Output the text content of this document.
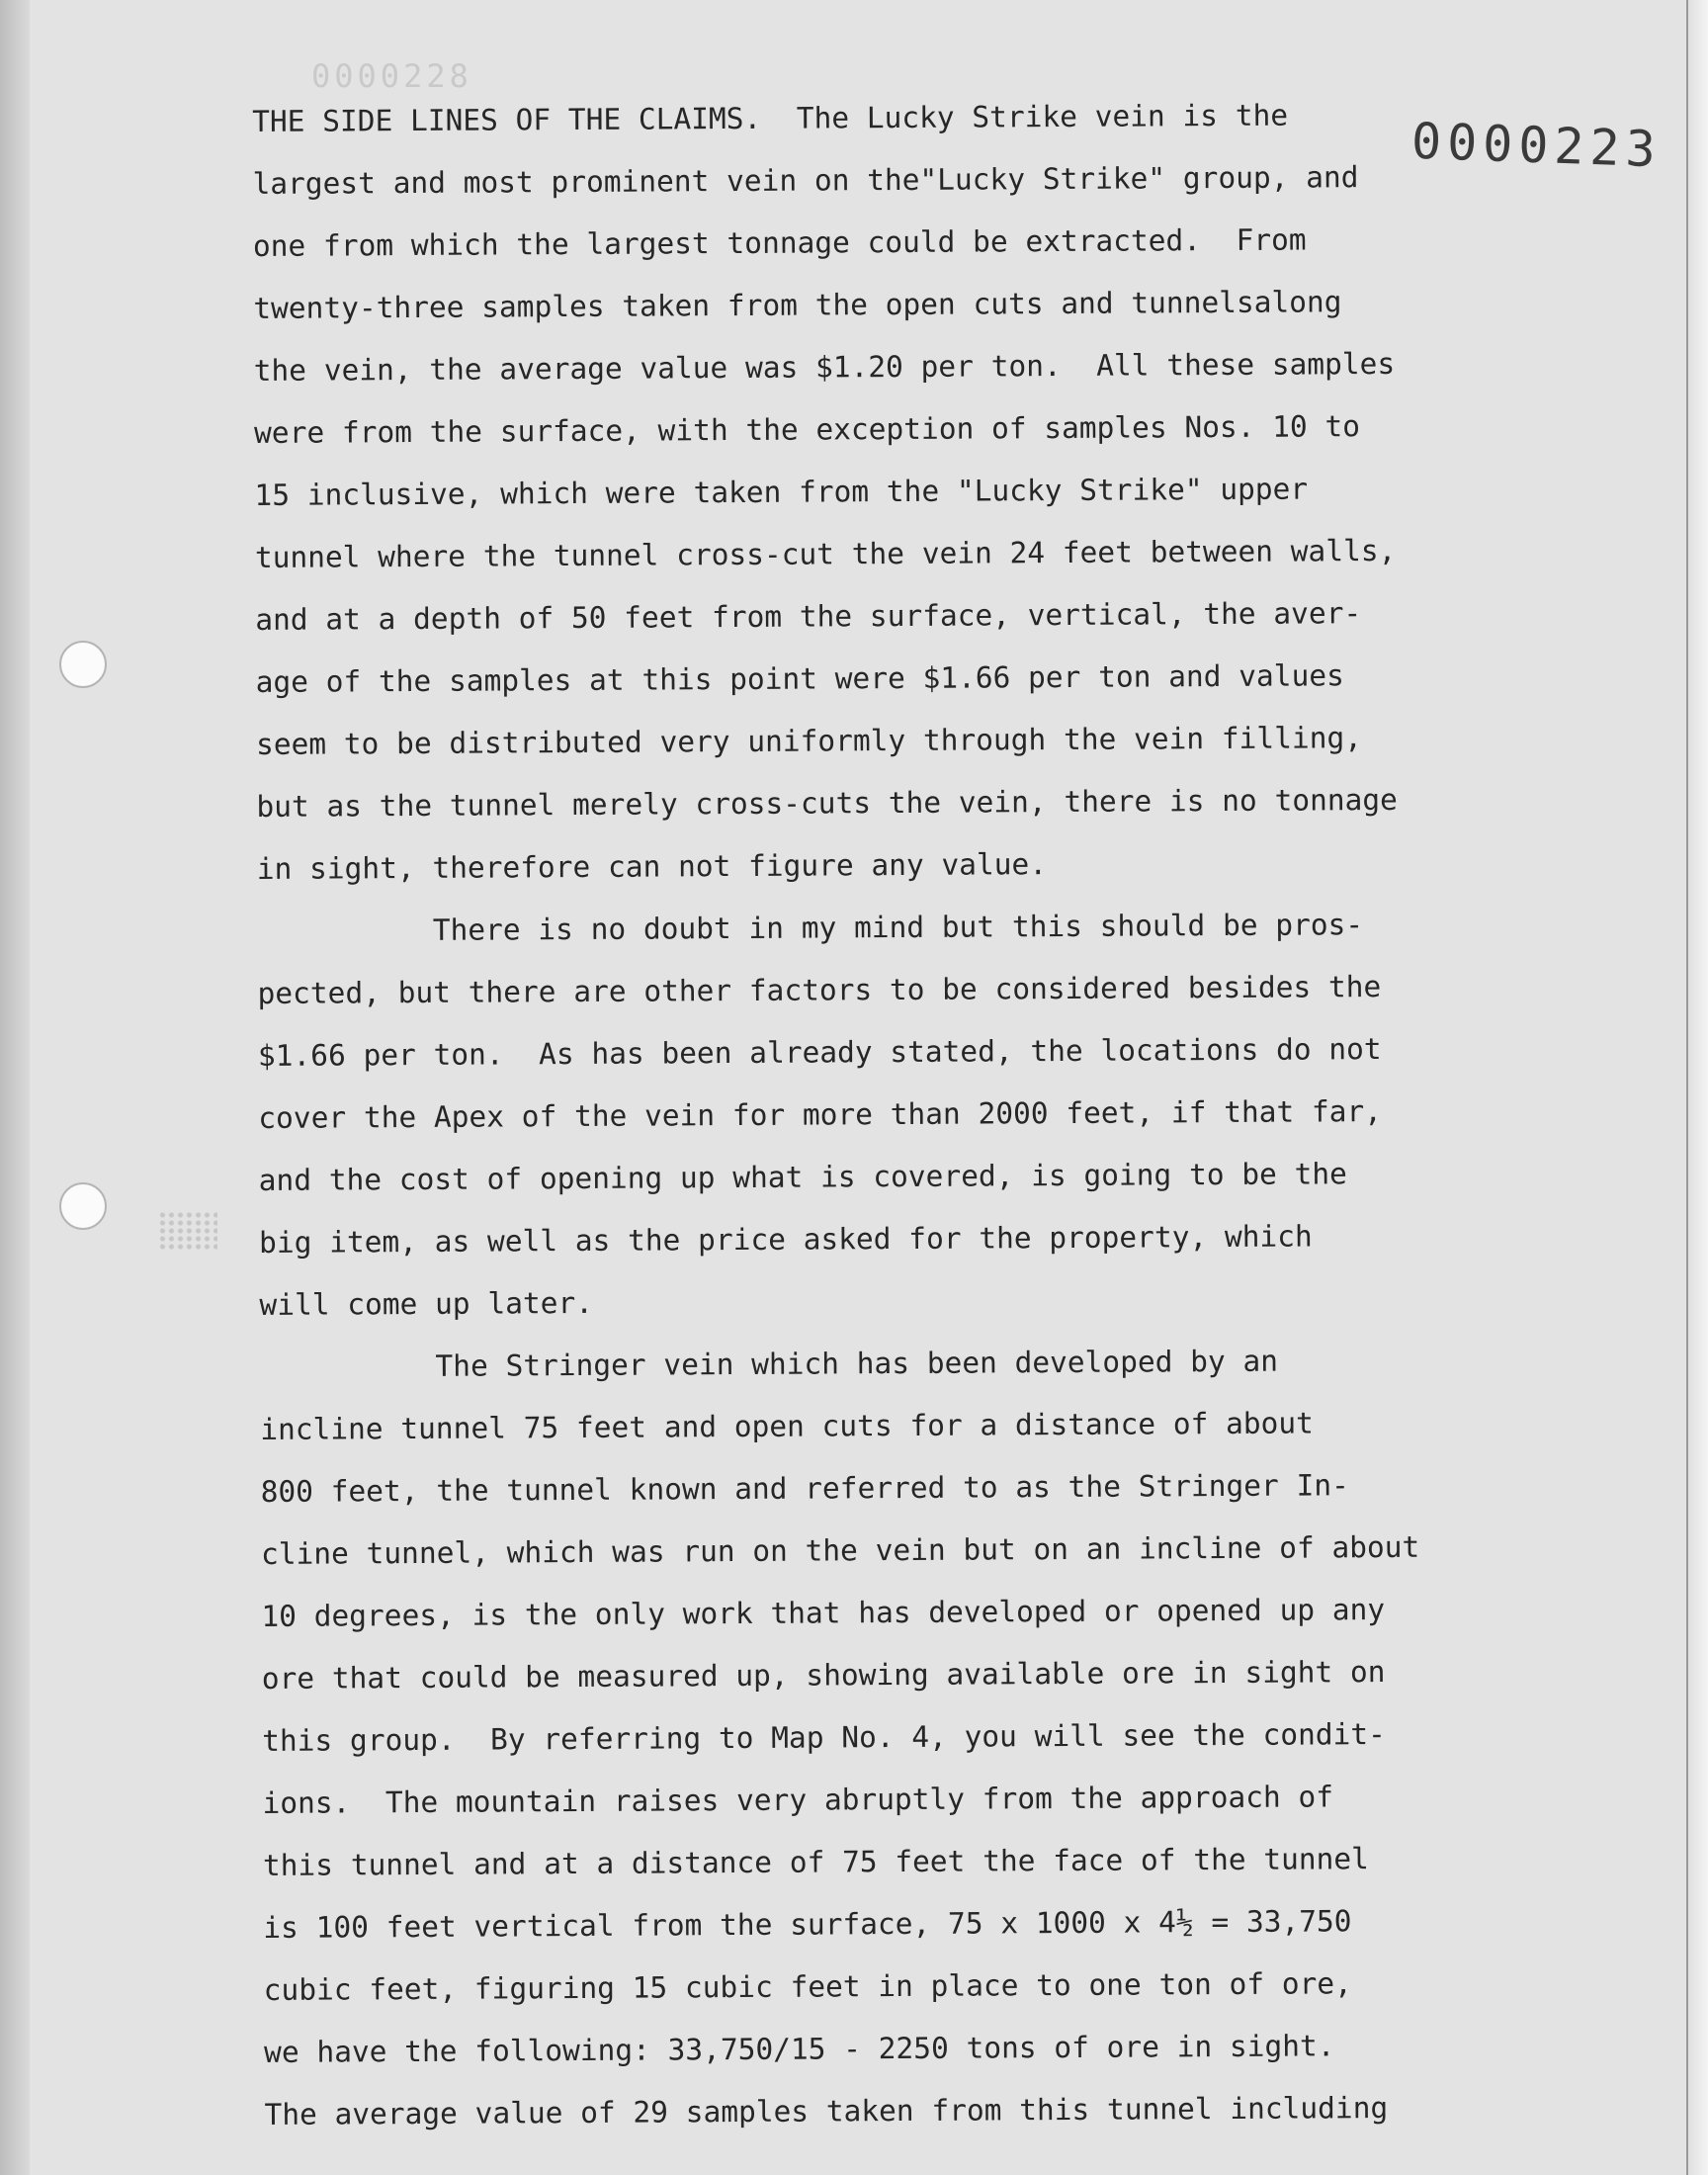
0000228
0000223
THE SIDE LINES OF THE CLAIMS.  The Lucky Strike vein is the
largest and most prominent vein on the"Lucky Strike" group, and
one from which the largest tonnage could be extracted.  From
twenty-three samples taken from the open cuts and tunnelsalong
the vein, the average value was $1.20 per ton.  All these samples
were from the surface, with the exception of samples Nos. 10 to
15 inclusive, which were taken from the "Lucky Strike" upper
tunnel where the tunnel cross-cut the vein 24 feet between walls,
and at a depth of 50 feet from the surface, vertical, the aver-
age of the samples at this point were $1.66 per ton and values
seem to be distributed very uniformly through the vein filling,
but as the tunnel merely cross-cuts the vein, there is no tonnage
in sight, therefore can not figure any value.
There is no doubt in my mind but this should be pros-
pected, but there are other factors to be considered besides the
$1.66 per ton.  As has been already stated, the locations do not
cover the Apex of the vein for more than 2000 feet, if that far,
and the cost of opening up what is covered, is going to be the
big item, as well as the price asked for the property, which
will come up later.
The Stringer vein which has been developed by an
incline tunnel 75 feet and open cuts for a distance of about
800 feet, the tunnel known and referred to as the Stringer In-
cline tunnel, which was run on the vein but on an incline of about
10 degrees, is the only work that has developed or opened up any
ore that could be measured up, showing available ore in sight on
this group.  By referring to Map No. 4, you will see the condit-
ions.  The mountain raises very abruptly from the approach of
this tunnel and at a distance of 75 feet the face of the tunnel
is 100 feet vertical from the surface, 75 x 1000 x 4½ = 33,750
cubic feet, figuring 15 cubic feet in place to one ton of ore,
we have the following: 33,750/15 - 2250 tons of ore in sight.
The average value of 29 samples taken from this tunnel including
